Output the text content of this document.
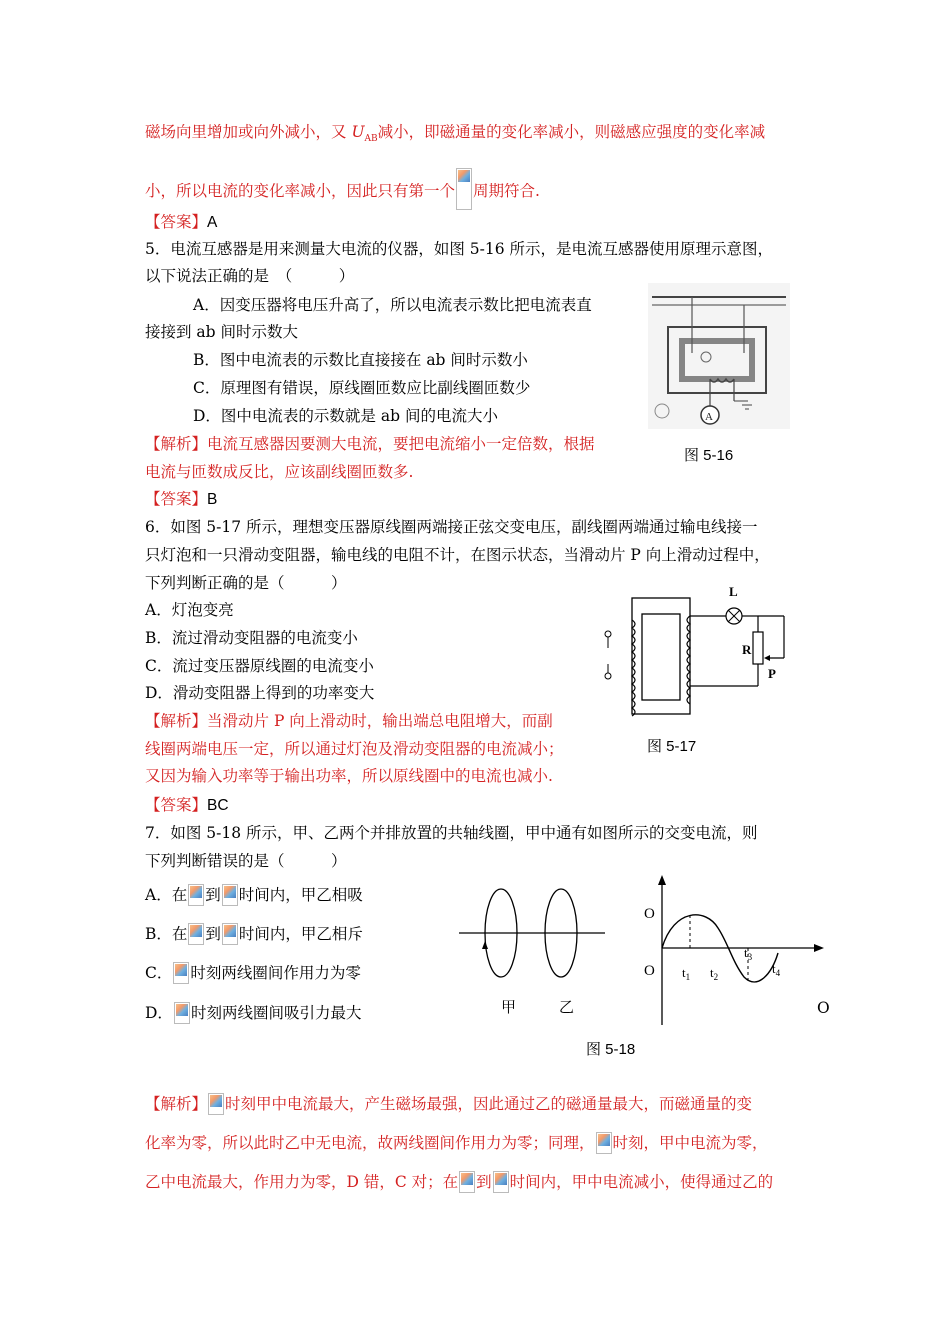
磁场向里增加或向外减小，又 $U_{AB}$减小，即磁通量的变化率减小，则磁感应强度的变化率减
小，所以电流的变化率减小，因此只有第一个 周期符合.
【答案】A
5．电流互感器是用来测量大电流的仪器，如图 5-16 所示，是电流互感器使用原理示意图，
以下说法正确的是　（　　　）
A．因变压器将电压升高了，所以电流表示数比把电流表直
接接到 ab 间时示数大
B．图中电流表的示数比直接接在 ab 间时示数小
C．原理图有错误，原线圈匝数应比副线圈匝数少
D．图中电流表的示数就是 ab 间的电流大小
【解析】电流互感器因要测大电流，要把电流缩小一定倍数，根据
电流与匝数成反比，应该副线圈匝数多.
【答案】B
A
图 5-16
6．如图 5-17 所示，理想变压器原线圈两端接正弦交变电压，副线圈两端通过输电线接一
只灯泡和一只滑动变阻器，输电线的电阻不计，在图示状态，当滑动片 P 向上滑动过程中，
下列判断正确的是（　　　）
A．灯泡变亮
B．流过滑动变阻器的电流变小
C．流过变压器原线圈的电流变小
D．滑动变阻器上得到的功率变大
【解析】当滑动片 P 向上滑动时，输出端总电阻增大，而副
线圈两端电压一定，所以通过灯泡及滑动变阻器的电流减小；
又因为输入功率等于输出功率，所以原线圈中的电流也减小.
【答案】BC
L
R
P
图 5-17
7．如图 5-18 所示，甲、乙两个并排放置的共轴线圈，甲中通有如图所示的交变电流，则
下列判断错误的是（　　　）
A．在 到 时间内，甲乙相吸
B．在 到 时间内，甲乙相斥
C． 时刻两线圈间作用力为零
D． 时刻两线圈间吸引力最大	甲	乙
O
O $t_1$ $t_2$
$t_3$
$t_4$
O
图 5-18
【解析】 时刻甲中电流最大，产生磁场最强，因此通过乙的磁通量最大，而磁通量的变
化率为零，所以此时乙中无电流，故两线圈间作用力为零；同理， 时刻，甲中电流为零，
乙中电流最大，作用力为零，D 错，C 对；在 到 时间内，甲中电流减小，使得通过乙的
